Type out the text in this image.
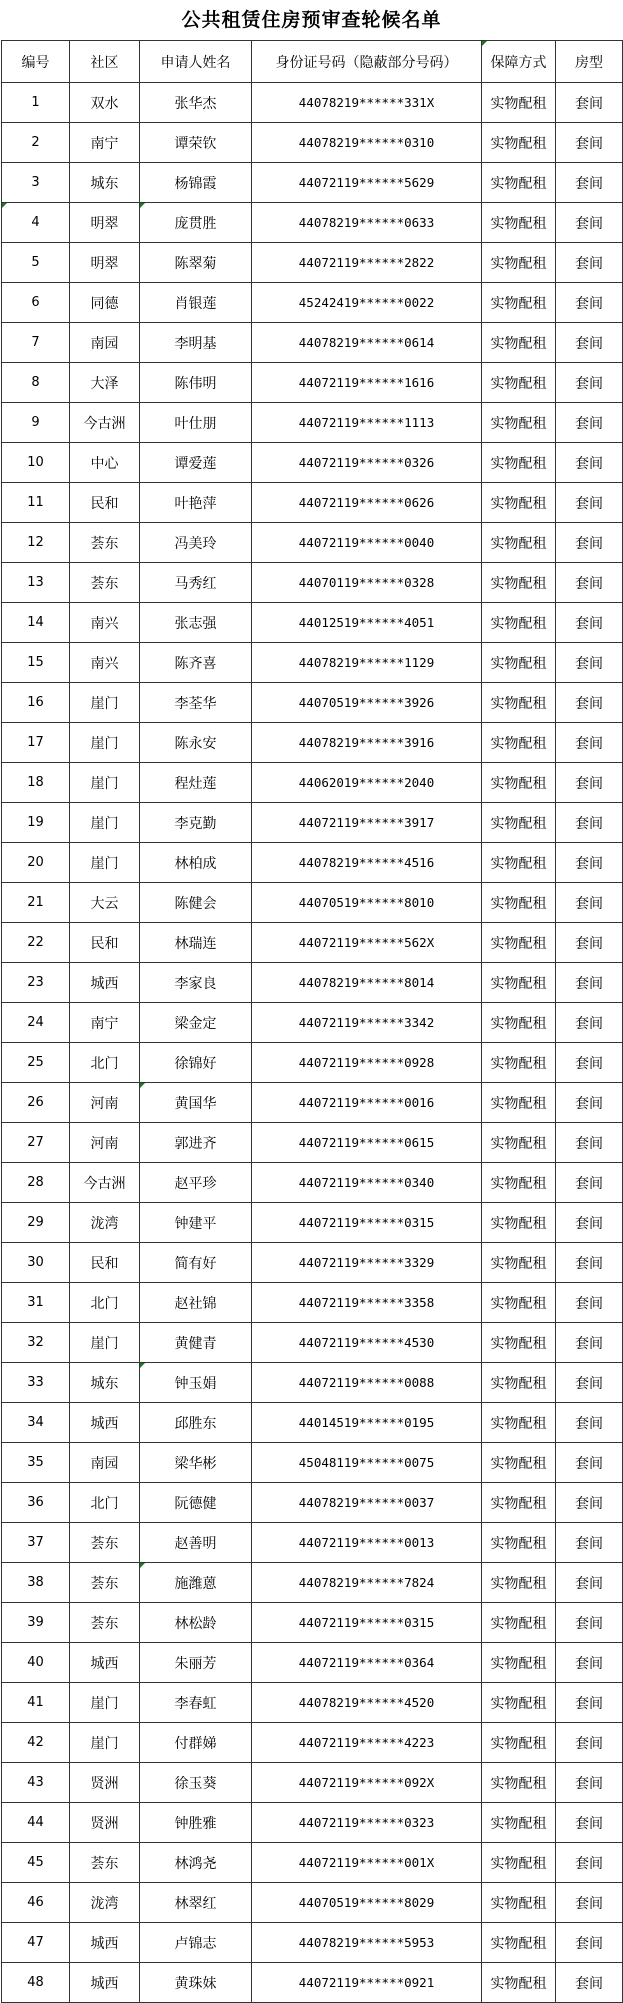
公共租赁住房预审查轮候名单
编号	社区	申请人姓名	身份证号码（隐蔽部分号码）	保障方式	房型
1	双水	张华杰	44078219******331X	实物配租	套间
2	南宁	谭荣钦	44078219******0310	实物配租	套间
3	城东	杨锦霞	44072119******5629	实物配租	套间
4	明翠	庞贯胜	44078219******0633	实物配租	套间
5	明翠	陈翠菊	44072119******2822	实物配租	套间
6	同德	肖银莲	45242419******0022	实物配租	套间
7	南园	李明基	44078219******0614	实物配租	套间
8	大泽	陈伟明	44072119******1616	实物配租	套间
9	今古洲	叶仕朋	44072119******1113	实物配租	套间
10	中心	谭爱莲	44072119******0326	实物配租	套间
11	民和	叶艳萍	44072119******0626	实物配租	套间
12	荟东	冯美玲	44072119******0040	实物配租	套间
13	荟东	马秀红	44070119******0328	实物配租	套间
14	南兴	张志强	44012519******4051	实物配租	套间
15	南兴	陈齐喜	44078219******1129	实物配租	套间
16	崖门	李荃华	44070519******3926	实物配租	套间
17	崖门	陈永安	44078219******3916	实物配租	套间
18	崖门	程灶莲	44062019******2040	实物配租	套间
19	崖门	李克勤	44072119******3917	实物配租	套间
20	崖门	林柏成	44078219******4516	实物配租	套间
21	大云	陈健会	44070519******8010	实物配租	套间
22	民和	林瑞连	44072119******562X	实物配租	套间
23	城西	李家良	44078219******8014	实物配租	套间
24	南宁	梁金定	44072119******3342	实物配租	套间
25	北门	徐锦好	44072119******0928	实物配租	套间
26	河南	黄国华	44072119******0016	实物配租	套间
27	河南	郭进齐	44072119******0615	实物配租	套间
28	今古洲	赵平珍	44072119******0340	实物配租	套间
29	泷湾	钟建平	44072119******0315	实物配租	套间
30	民和	简有好	44072119******3329	实物配租	套间
31	北门	赵社锦	44072119******3358	实物配租	套间
32	崖门	黄健青	44072119******4530	实物配租	套间
33	城东	钟玉娟	44072119******0088	实物配租	套间
34	城西	邱胜东	44014519******0195	实物配租	套间
35	南园	梁华彬	45048119******0075	实物配租	套间
36	北门	阮德健	44078219******0037	实物配租	套间
37	荟东	赵善明	44072119******0013	实物配租	套间
38	荟东	施潍蒽	44078219******7824	实物配租	套间
39	荟东	林松龄	44072119******0315	实物配租	套间
40	城西	朱丽芳	44072119******0364	实物配租	套间
41	崖门	李春虹	44078219******4520	实物配租	套间
42	崖门	付群娣	44072119******4223	实物配租	套间
43	贤洲	徐玉葵	44072119******092X	实物配租	套间
44	贤洲	钟胜雅	44072119******0323	实物配租	套间
45	荟东	林鸿尧	44072119******001X	实物配租	套间
46	泷湾	林翠红	44070519******8029	实物配租	套间
47	城西	卢锦志	44078219******5953	实物配租	套间
48	城西	黄珠妹	44072119******0921	实物配租	套间
